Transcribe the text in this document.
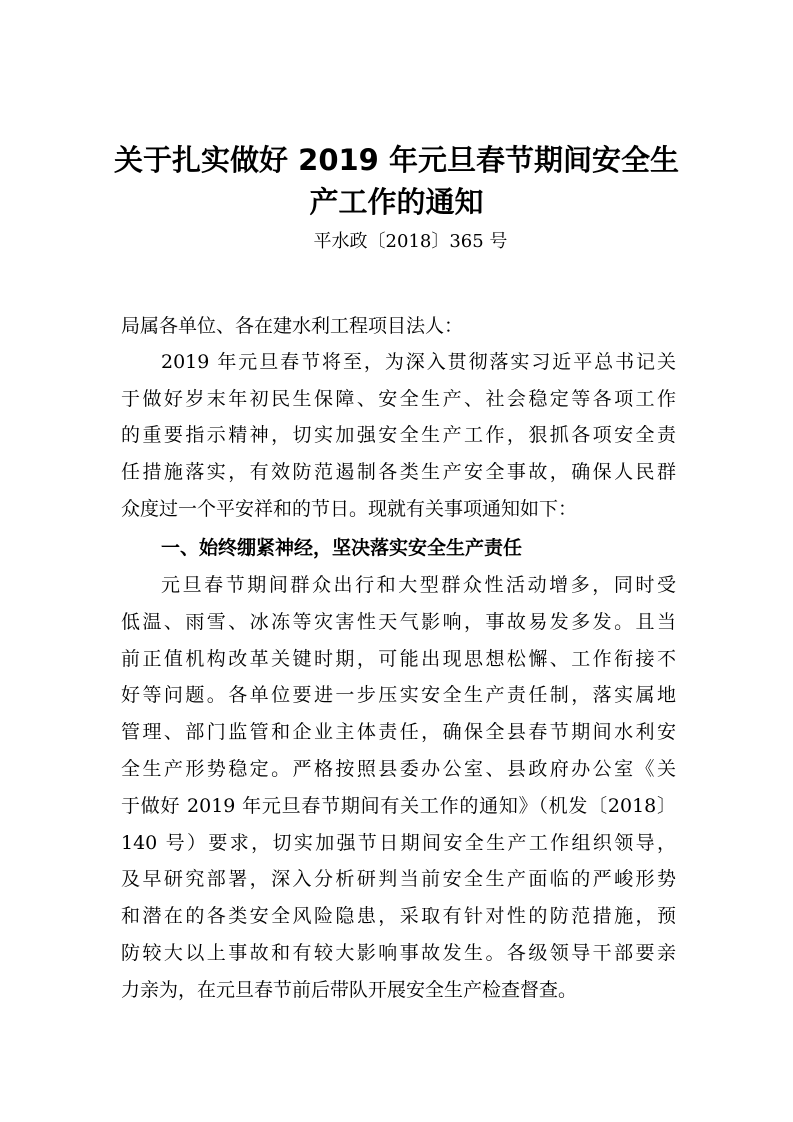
关于扎实做好 2019 年元旦春节期间安全生
产工作的通知
平水政〔2018〕365 号
局属各单位、各在建水利工程项目法人：
2019 年元旦春节将至，为深入贯彻落实习近平总书记关
于做好岁末年初民生保障、安全生产、社会稳定等各项工作
的重要指示精神，切实加强安全生产工作，狠抓各项安全责
任措施落实，有效防范遏制各类生产安全事故，确保人民群
众度过一个平安祥和的节日。现就有关事项通知如下：
一、始终绷紧神经，坚决落实安全生产责任
元旦春节期间群众出行和大型群众性活动增多，同时受
低温、雨雪、冰冻等灾害性天气影响，事故易发多发。且当
前正值机构改革关键时期，可能出现思想松懈、工作衔接不
好等问题。各单位要进一步压实安全生产责任制，落实属地
管理、部门监管和企业主体责任，确保全县春节期间水利安
全生产形势稳定。严格按照县委办公室、县政府办公室《关
于做好 2019 年元旦春节期间有关工作的通知》（机发〔2018〕
140 号）要求，切实加强节日期间安全生产工作组织领导，
及早研究部署，深入分析研判当前安全生产面临的严峻形势
和潜在的各类安全风险隐患，采取有针对性的防范措施，预
防较大以上事故和有较大影响事故发生。各级领导干部要亲
力亲为，在元旦春节前后带队开展安全生产检查督查。
